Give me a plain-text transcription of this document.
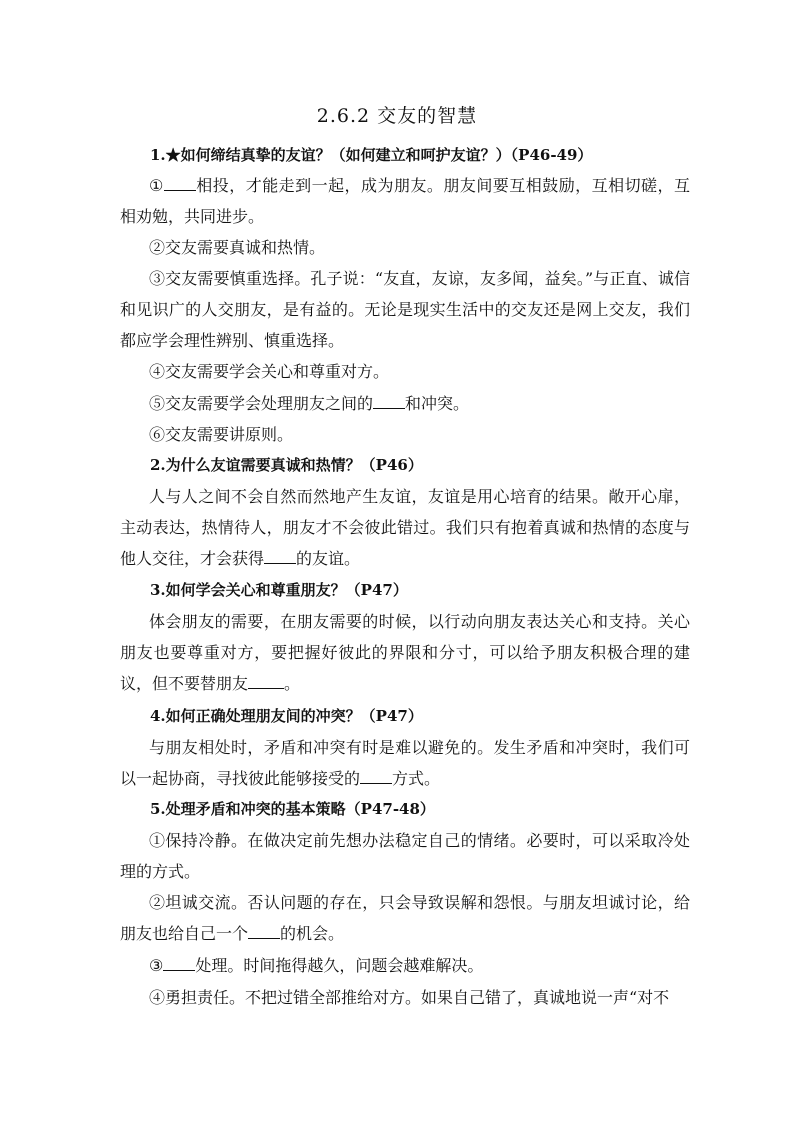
2.6.2 交友的智慧
1.★如何缔结真挚的友谊？（如何建立和呵护友谊？）（P46-49）
① 相投，才能走到一起，成为朋友。朋友间要互相鼓励，互相切磋，互相劝勉，共同进步。
②交友需要真诚和热情。
③交友需要慎重选择。孔子说：“友直，友谅，友多闻，益矣。”与正直、诚信和见识广的人交朋友，是有益的。无论是现实生活中的交友还是网上交友，我们都应学会理性辨别、慎重选择。
④交友需要学会关心和尊重对方。
⑤交友需要学会处理朋友之间的 和冲突。
⑥交友需要讲原则。
2.为什么友谊需要真诚和热情？（P46）
人与人之间不会自然而然地产生友谊，友谊是用心培育的结果。敞开心扉，主动表达，热情待人，朋友才不会彼此错过。我们只有抱着真诚和热情的态度与他人交往，才会获得 的友谊。
3.如何学会关心和尊重朋友？（P47）
体会朋友的需要，在朋友需要的时候，以行动向朋友表达关心和支持。关心朋友也要尊重对方，要把握好彼此的界限和分寸，可以给予朋友积极合理的建议，但不要替朋友 。
4.如何正确处理朋友间的冲突？（P47）
与朋友相处时，矛盾和冲突有时是难以避免的。发生矛盾和冲突时，我们可以一起协商，寻找彼此能够接受的 方式。
5.处理矛盾和冲突的基本策略（P47-48）
①保持冷静。在做决定前先想办法稳定自己的情绪。必要时，可以采取冷处理的方式。
②坦诚交流。否认问题的存在，只会导致误解和怨恨。与朋友坦诚讨论，给朋友也给自己一个 的机会。
③ 处理。时间拖得越久，问题会越难解决。
④勇担责任。不把过错全部推给对方。如果自己错了，真诚地说一声“对不
